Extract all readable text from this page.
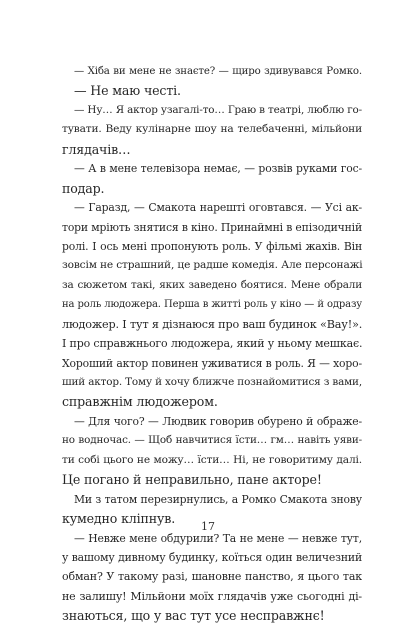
— Хіба ви мене не знаєте? — щиро здивувався Ромко.
— Не маю честі.
— Ну… Я актор узагалі-то… Граю в театрі, люблю го-
тувати. Веду кулінарне шоу на телебаченні, мільйони
глядачів…
— А в мене телевізора немає, — розвів руками гос-
подар.
— Гаразд, — Смакота нарешті оговтався. — Усі ак-
тори мріють знятися в кіно. Принаймні в епізодичній
ролі. І ось мені пропонують роль. У фільмі жахів. Він
зовсім не страшний, це радше комедія. Але персонажі
за сюжетом такі, яких заведено боятися. Мене обрали
на роль людожера. Перша в житті роль у кіно — й одразу
людожер. І тут я дізнаюся про ваш будинок «Вау!».
І про справжнього людожера, який у ньому мешкає.
Хороший актор повинен уживатися в роль. Я — хоро-
ший актор. Тому й хочу ближче познайомитися з вами,
справжнім людожером.
— Для чого? — Людвик говорив обурено й ображе-
но водночас. — Щоб навчитися їсти… гм… навіть уяви-
ти собі цього не можу… їсти… Ні, не говоритиму далі.
Це погано й неправильно, пане акторе!
Ми з татом перезирнулись, а Ромко Смакота знову
кумедно кліпнув.
— Невже мене обдурили? Та не мене — невже тут,
у вашому дивному будинку, коїться один величезний
обман? У такому разі, шановне панство, я цього так
не залишу! Мільйони моїх глядачів уже сьогодні ді-
знаються, що у вас тут усе несправжнє!
17
